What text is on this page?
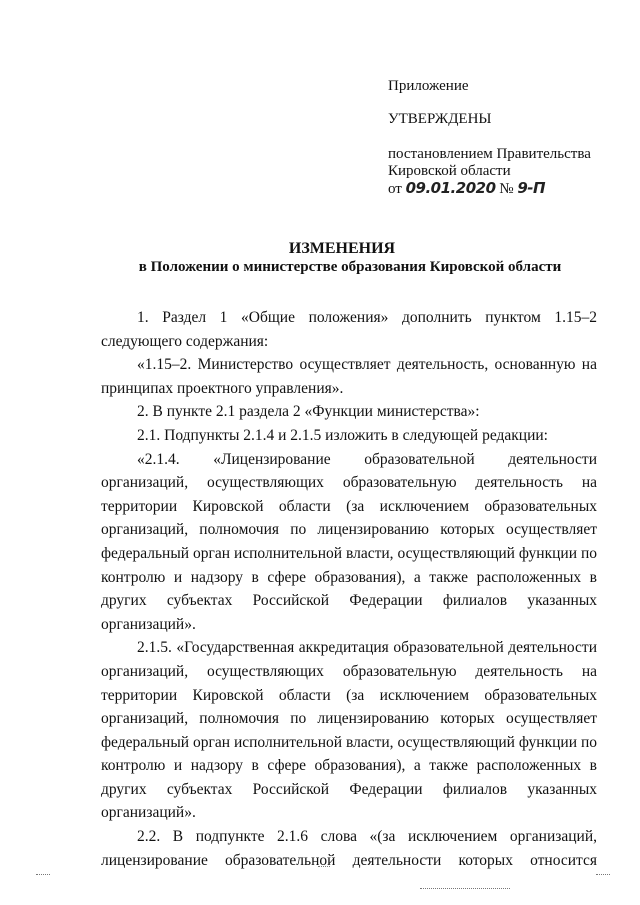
Приложение
УТВЕРЖДЕНЫ
постановлением Правительства
Кировской области
от 09.01.2020 № 9-П
ИЗМЕНЕНИЯ
в Положении о министерстве образования Кировской области

1. Раздел 1 «Общие положения» дополнить пунктом 1.15–2 следующего содержания:

«1.15–2. Министерство осуществляет деятельность, основанную на принципах проектного управления».

2. В пункте 2.1 раздела 2 «Функции министерства»:

2.1. Подпункты 2.1.4 и 2.1.5 изложить в следующей редакции:

«2.1.4. «Лицензирование образовательной деятельности организаций, осуществляющих образовательную деятельность на территории Кировской области (за исключением образовательных организаций, полномочия по лицензированию которых осуществляет федеральный орган исполнительной власти, осуществляющий функции по контролю и надзору в сфере образования), а также расположенных в других субъектах Российской Федерации филиалов указанных организаций».

2.1.5. «Государственная аккредитация образовательной деятельности организаций, осуществляющих образовательную деятельность на территории Кировской области (за исключением образовательных организаций, полномочия по лицензированию которых осуществляет федеральный орган исполнительной власти, осуществляющий функции по контролю и надзору в сфере образования), а также расположенных в других субъектах Российской Федерации филиалов указанных организаций».

2.2. В подпункте 2.1.6 слова «(за исключением организаций, лицензирование образовательной деятельности которых относится
